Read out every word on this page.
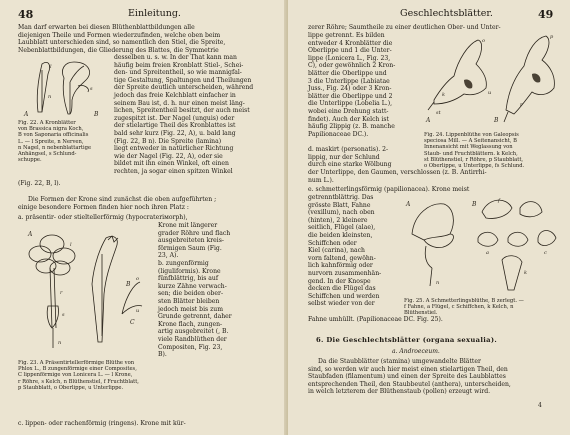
48	Einleitung.

Man darf erwarten bei diesen Blüthenblattbildungen alle

diejenigen Theile und Formen wiederzufinden, welche oben beim

Laubblatt unterschieden sind, so namentlich den Stiel, die Spreite,

Nebenblattbildungen, die Gliederung des Blattes, die Symmetrie

A	B
l
n
s

Fig. 22. A Kronblätter

von Brassica nigra Koch,

B von Saponaria officinalis

L. — l Spreite, n Nerven,

n Nagel, n nebenblattartige

Anhängsel, s Schlund-

schuppe.

desselben u. s. w. In der That kann man

häufig beim freien Kronblatt Stiel-, Schei-

den- und Spreitentheil, so wie mannigfal-

tige Gestaltung, Spaltungen und Theilungen

der Spreite deutlich unterscheiden, während

jedoch das freie Kelchblatt einfacher in

seinem Bau ist, d. h. nur einen meist läng-

lichen, Spreitentheil besitzt, der auch meist

zugespitzt ist. Der Nagel (unguis) oder

der stielartige Theil des Kronblattes ist

bald sehr kurz (Fig. 22, A), u. bald lang

(Fig. 22, B n). Die Spreite (lamina)

liegt entweder in natürlicher Richtung

wie der Nagel (Fig. 22, A), oder sie

bildet mit ihn einen Winkel, oft einen

rechten, ja sogar einen spitzen Winkel

(Fig. 22, B, l).

Die Formen der Krone sind zunächst die oben aufgeführten ;

einige besondere Formen finden hier noch ihren Platz :

a. präsentir- oder stieltellerförmig (hypocrateriмorph),
A
B
C
l
r
s
n
o
u

Krone mit längerer

grader Röhre und flach

ausgebreiteten kreis-

förmigen Saum (Fig.

23, A).

b. zungenförmig

(liguliformis). Krone

fünfblättrig, bis auf

kurze Zähne verwach-

sen; die beiden ober-

sten Blätter bleiben

jedoch meist bis zum

Grunde getrennt, daher

Krone flach, zungen-

artig ausgebreitet (, B.

viele Randblüthen der

Compositen, Fig. 23,

B).

Fig. 23. A Präsentirtellerförmige Blüthe von

Phlox L., B zungenförmige einer Composites,

C lippenförmige von Lonicera L. — l Krone,

r Röhre, s Kelch, n Blüthenstiel, f Fruchtblatt,

p Staubblatt, o Oberlippe, u Unterlippe.

c. lippen- oder rachenförmig (ringens). Krone mit kür-
Geschlechtsblätter.	49
zerer Röhre; Saumtheile zu einer deutlichen Ober- und Unter-

lippe getrennt. Es bilden

entweder 4 Kronblätter die

Oberlippe und 1 die Unter-

lippe (Lonicera L., Fig. 23,

C), oder gewöhnlich 2 Kron-

blätter die Oberlippe und

3 die Unterlippe (Labiatae

Juss., Fig. 24) oder 3 Kron-

blätter die Oberlippe und 2

die Unterlippe (Lobelia L.),

wobei eine Drehung statt-

findet). Auch der Kelch ist

häufig 2lippig (z. B. manche

Papilionaceae DC.).

d. maskirt (personatis). 2-

lippig, nur der Schlund

durch eine starke Wölbung

der Unterlippe, den Gaumen, verschlossen (z. B. Antirrhi-

num L.).

A	B
o
u
k
st
r
p

Fig. 24. Lippenblüthe von Galeopsis

speciosa Mill. — A Seitenansicht, B

Innenansicht mit Weglassung von

Staub- und Fruchtblättern. k Kelch,

st Blüthenstiel, r Röhre, p Staubblatt,

o Oberlippe, u Unterlippe, fs Schlund.

e. schmetterlingsförmig (papilionacea). Krone meist

getrenntblättrig. Das

grösste Blatt, Fahne

(vexillum), nach oben

(hinten), 2 kleinere

seitlich, Flügel (alae),

die beiden kleinsten,

Schiffchen oder

Kiel (carina), nach

vorn faltend, gewöhn-

lich kahnförmig oder

nurvorn zusammenhän-

gend. In der Knospe

decken die Flügel das

Schiffchen und werden

selbst wieder von der

Fahne umhüllt. (Papilionaceae DC. Fig. 25).
A	B	f
a	c
k
n

Fig. 25. A Schmetterlingsblüthe, B zerlegt. —

f Fahne, a Flügel, c Schiffchen, k Kelch, n

Blüthenstiel.

6. Die Geschlechtsblätter (organa sexualia).
a. Androeceum.

Da die Staubblätter (stamina) umgewandelte Blätter

sind, so werden wir auch hier meist einen stielartigen Theil, den

Staubfaden (filamentum) und einen der Spreite des Laubblattes

entsprechenden Theil, den Staubbeutel (anthera), unterscheiden,

in welch letzterem der Blüthenstaub (pollen) erzeugt wird.

4
